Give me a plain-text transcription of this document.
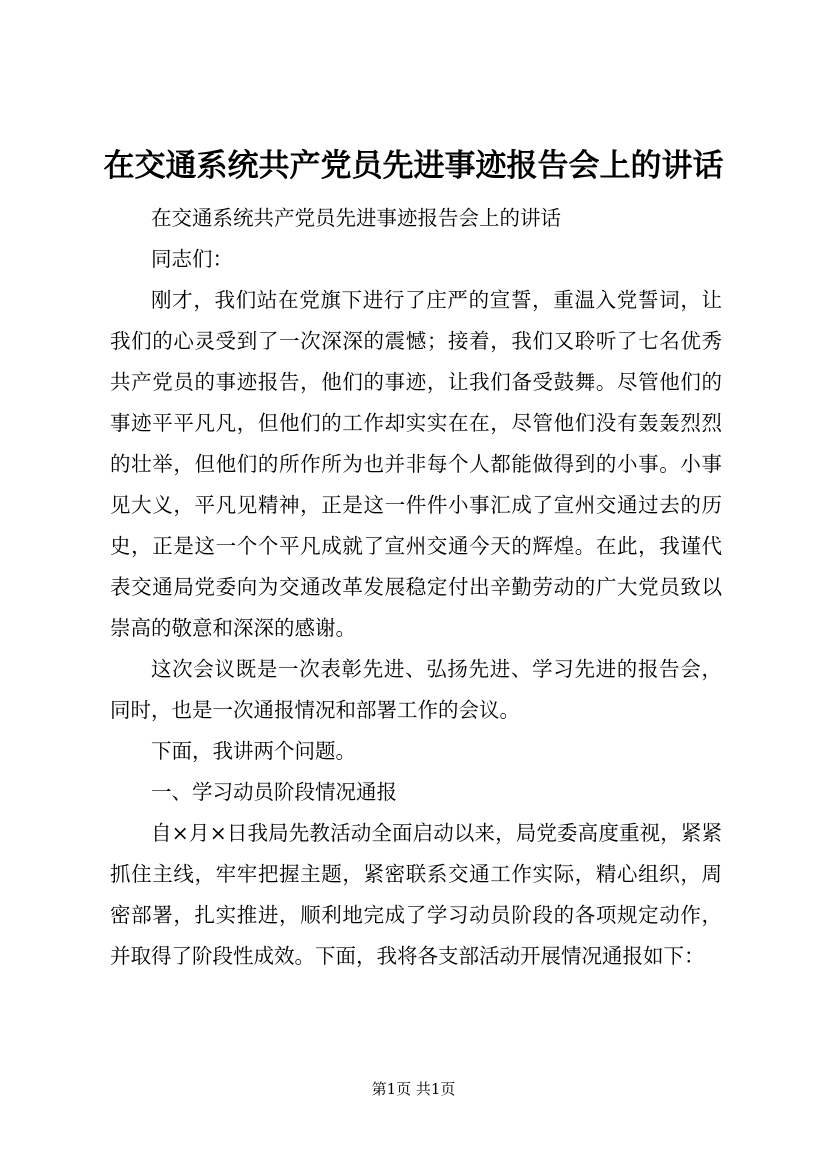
在交通系统共产党员先进事迹报告会上的讲话

在交通系统共产党员先进事迹报告会上的讲话

同志们：

刚才，我们站在党旗下进行了庄严的宣誓，重温入党誓词，让我们的心灵受到了一次深深的震憾；接着，我们又聆听了七名优秀共产党员的事迹报告，他们的事迹，让我们备受鼓舞。尽管他们的事迹平平凡凡，但他们的工作却实实在在，尽管他们没有轰轰烈烈的壮举，但他们的所作所为也并非每个人都能做得到的小事。小事见大义，平凡见精神，正是这一件件小事汇成了宣州交通过去的历史，正是这一个个平凡成就了宣州交通今天的辉煌。在此，我谨代表交通局党委向为交通改革发展稳定付出辛勤劳动的广大党员致以崇高的敬意和深深的感谢。

这次会议既是一次表彰先进、弘扬先进、学习先进的报告会，同时，也是一次通报情况和部署工作的会议。

下面，我讲两个问题。

一、学习动员阶段情况通报

自×月×日我局先教活动全面启动以来，局党委高度重视，紧紧抓住主线，牢牢把握主题，紧密联系交通工作实际，精心组织，周密部署，扎实推进，顺利地完成了学习动员阶段的各项规定动作，并取得了阶段性成效。下面，我将各支部活动开展情况通报如下：

第1页 共1页
